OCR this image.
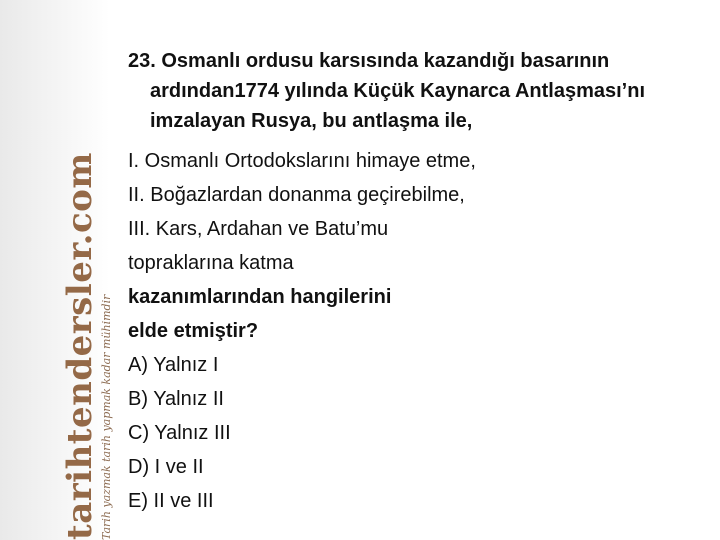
tarihtendersler.com Tarih yazmak tarih yapmak kadar mühimdir
23. Osmanlı ordusu karsısında kazandığı basarının ardından1774 yılında Küçük Kaynarca Antlaşması’nı imzalayan Rusya, bu antlaşma ile,
I. Osmanlı Ortodokslarını himaye etme,
II. Boğazlardan donanma geçirebilme,
III. Kars, Ardahan ve Batu’mu
topraklarına katma
kazanımlarından hangilerini
elde etmiştir?
A) Yalnız I
B) Yalnız II
C) Yalnız III
D) I ve II
E) II ve III
